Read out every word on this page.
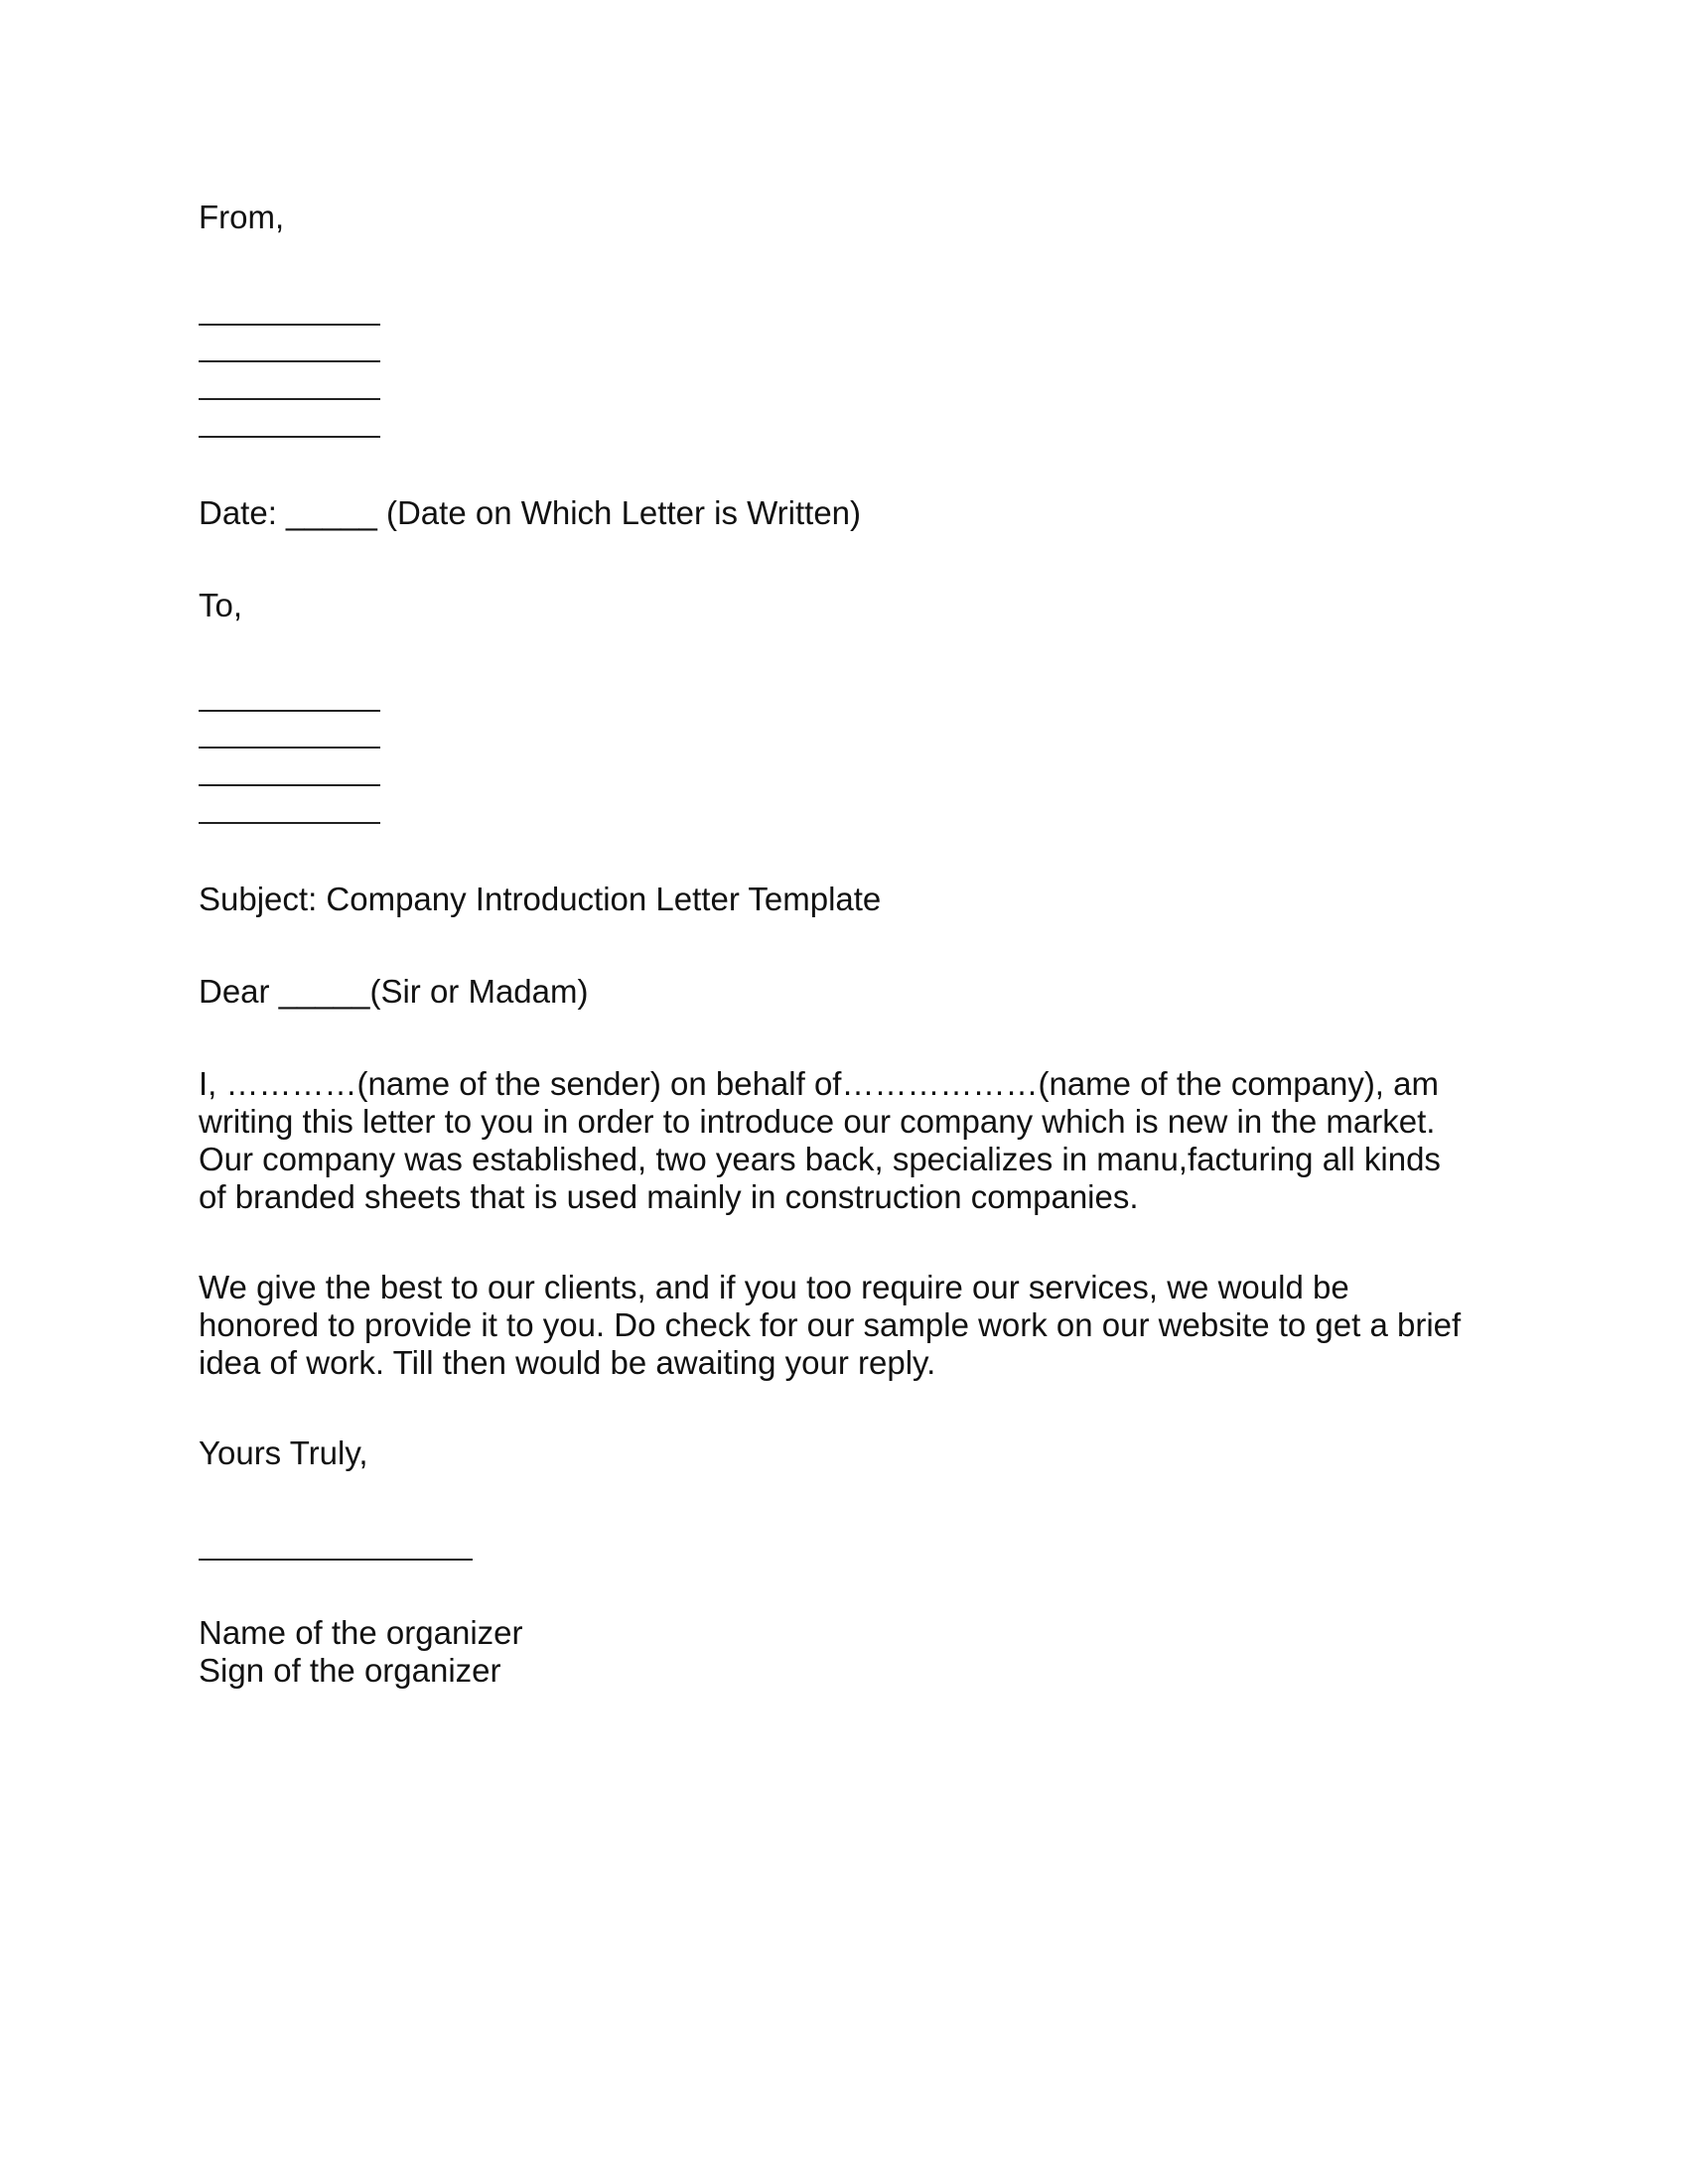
From,
Date: _____ (Date on Which Letter is Written)
To,
Subject: Company Introduction Letter Template
Dear _____(Sir or Madam)
I, …………(name of the sender) on behalf of………………(name of the company), am
writing this letter to you in order to introduce our company which is new in the market.
Our company was established, two years back, specializes in manu,facturing all kinds
of branded sheets that is used mainly in construction companies.
We give the best to our clients, and if you too require our services, we would be
honored to provide it to you. Do check for our sample work on our website to get a brief
idea of work. Till then would be awaiting your reply.
Yours Truly,
Name of the organizer
Sign of the organizer
